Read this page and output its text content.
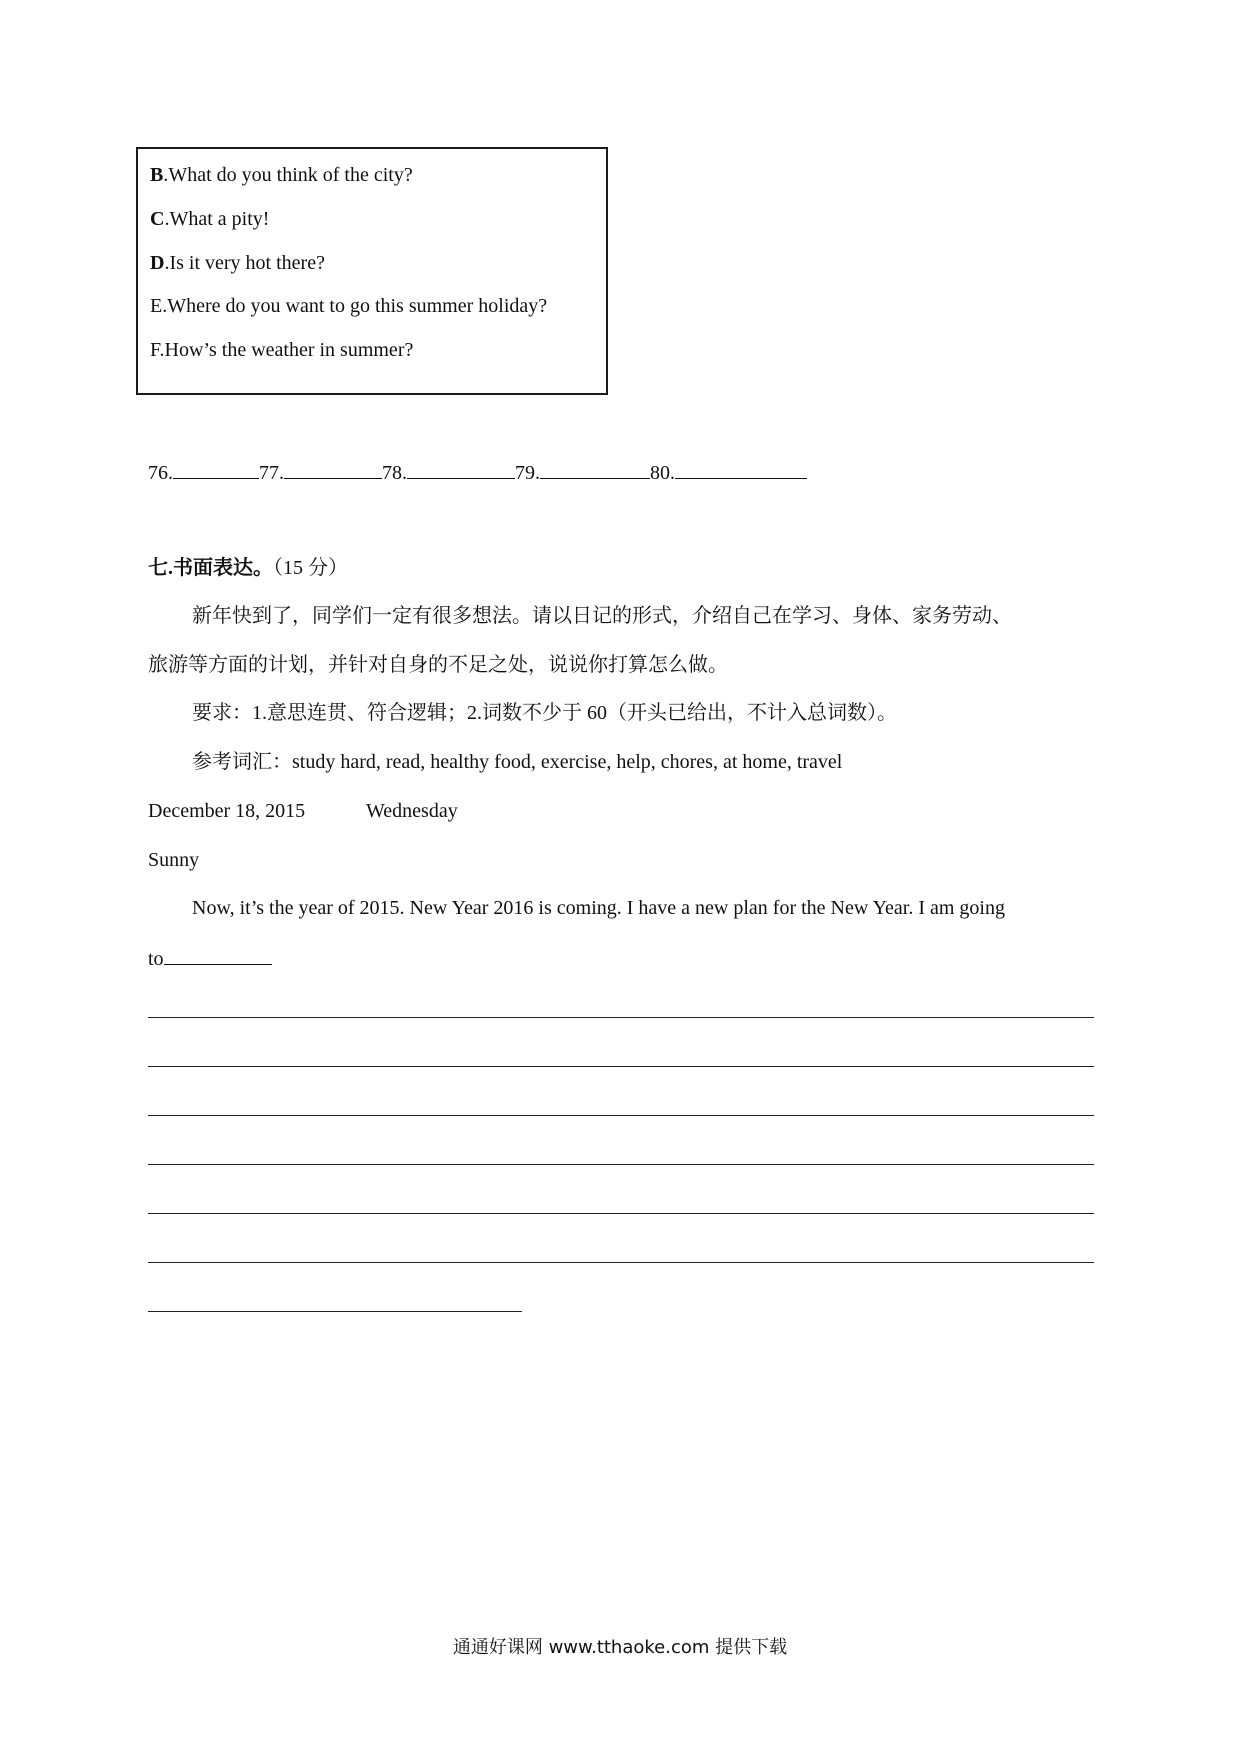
B.What do you think of the city?
C.What a pity!
D.Is it very hot there?
E.Where do you want to go this summer holiday?
F.How’s the weather in summer?
76.	77.	78.	79.	80.
七.书面表达。（15 分）
新年快到了，同学们一定有很多想法。请以日记的形式，介绍自己在学习、身体、家务劳动、
旅游等方面的计划，并针对自身的不足之处，说说你打算怎么做。
要求：1.意思连贯、符合逻辑；2.词数不少于 60（开头已给出，不计入总词数）。
参考词汇：study hard, read, healthy food, exercise, help, chores, at home, travel
December 18, 2015	Wednesday
Sunny
Now, it’s the year of 2015. New Year 2016 is coming. I have a new plan for the New Year. I am going
to
通通好课网 www.tthaoke.com 提供下载
